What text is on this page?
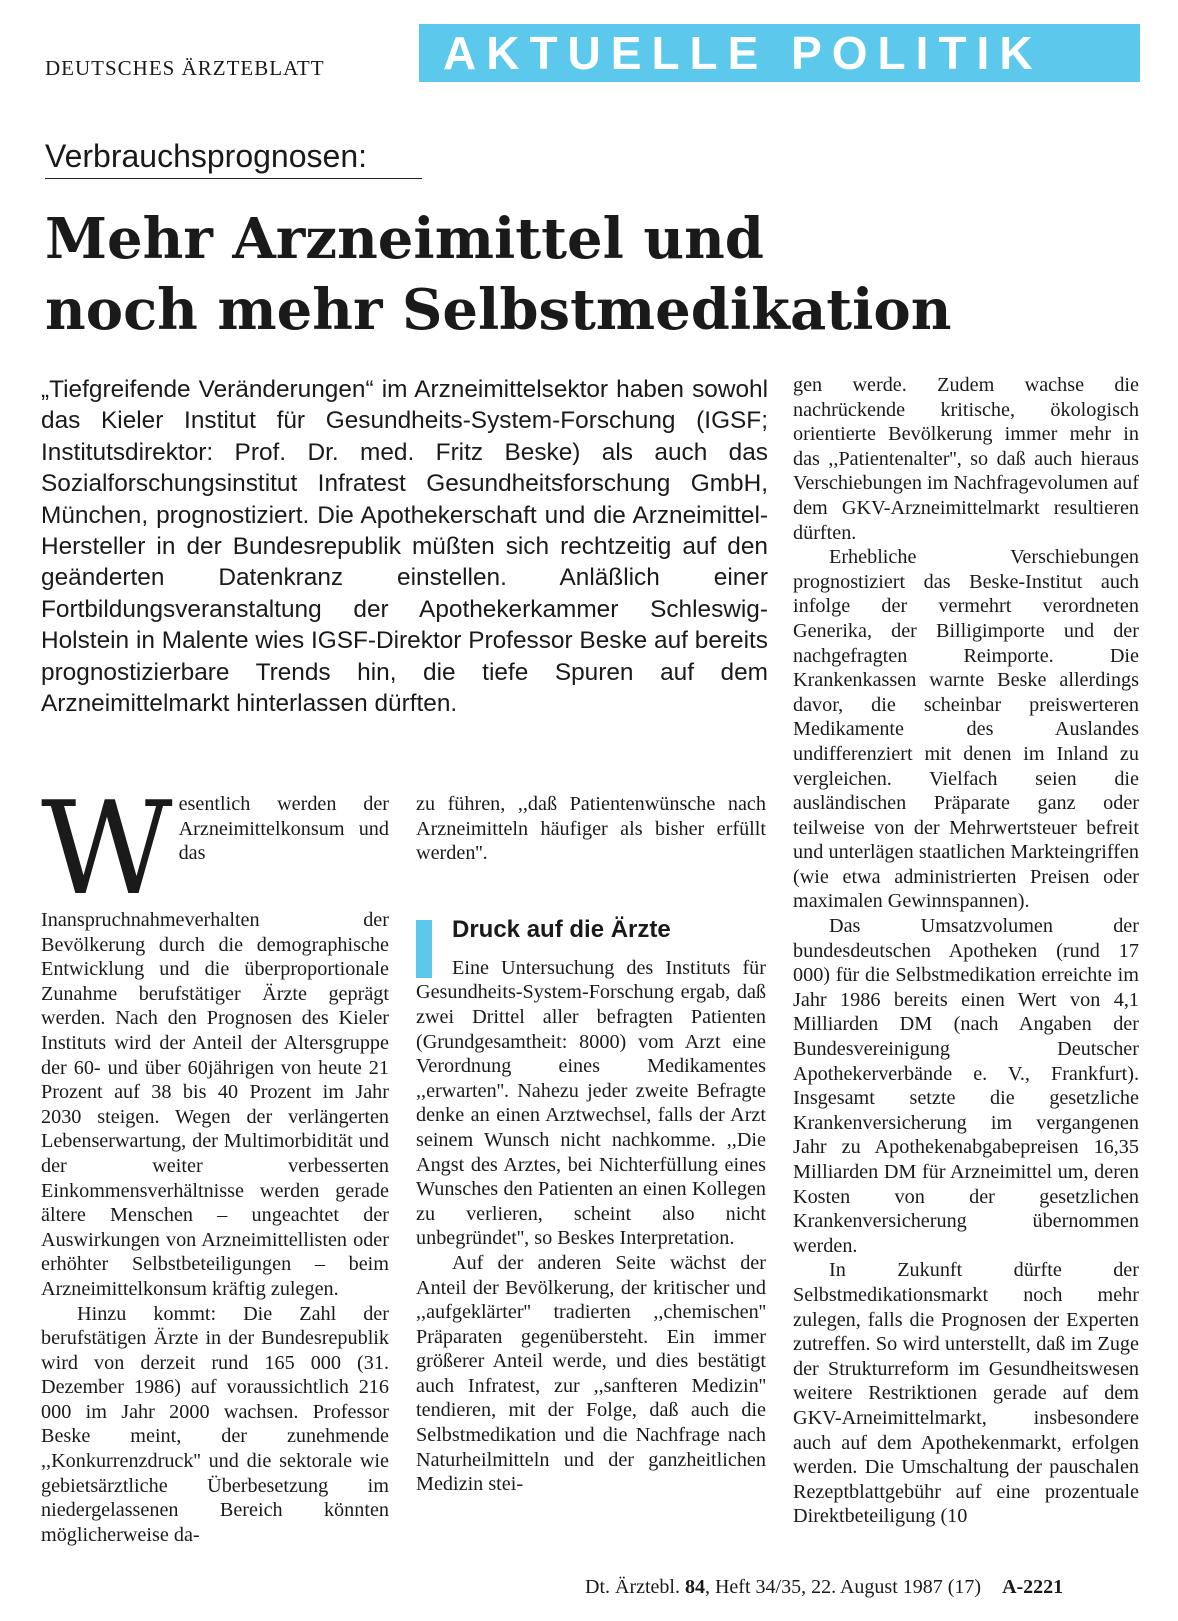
DEUTSCHES ÄRZTEBLATT	AKTUELLE POLITIK
Verbrauchsprognosen:
Mehr Arzneimittel und
noch mehr Selbstmedikation
„Tiefgreifende Veränderungen“ im Arzneimittelsektor haben sowohl das Kieler Institut für Gesundheits-System-Forschung (IGSF; Institutsdirektor: Prof. Dr. med. Fritz Beske) als auch das Sozialforschungsinstitut Infratest Gesundheitsforschung GmbH, München, prognostiziert. Die Apothekerschaft und die Arzneimittel-Hersteller in der Bundesrepublik müßten sich rechtzeitig auf den geänderten Datenkranz einstellen. Anläßlich einer Fortbildungsveranstaltung der Apothekerkammer Schleswig-Holstein in Malente wies IGSF-Direktor Professor Beske auf bereits prognostizierbare Trends hin, die tiefe Spuren auf dem Arzneimittelmarkt hinterlassen dürften.

Wesentlich werden der Arzneimittelkonsum und das Inanspruchnahmeverhalten der Bevölkerung durch die demographische Entwicklung und die überproportionale Zunahme berufstätiger Ärzte geprägt werden. Nach den Prognosen des Kieler Instituts wird der Anteil der Altersgruppe der 60- und über 60jährigen von heute 21 Prozent auf 38 bis 40 Prozent im Jahr 2030 steigen. Wegen der verlängerten Lebenserwartung, der Multimorbidität und der weiter verbesserten Einkommensverhältnisse werden gerade ältere Menschen – ungeachtet der Auswirkungen von Arzneimittellisten oder erhöhter Selbstbeteiligungen – beim Arzneimittelkonsum kräftig zulegen.

Hinzu kommt: Die Zahl der berufstätigen Ärzte in der Bundesrepublik wird von derzeit rund 165 000 (31. Dezember 1986) auf voraussichtlich 216 000 im Jahr 2000 wachsen. Professor Beske meint, der zunehmende ,,Konkurrenzdruck'' und die sektorale wie gebietsärztliche Überbesetzung im niedergelassenen Bereich könnten möglicherweise da-

zu führen, ,,daß Patientenwünsche nach Arzneimitteln häufiger als bisher erfüllt werden''.

Druck auf die Ärzte

Eine Untersuchung des Instituts für Gesundheits-System-Forschung ergab, daß zwei Drittel aller befragten Patienten (Grundgesamtheit: 8000) vom Arzt eine Verordnung eines Medikamentes ,,erwarten''. Nahezu jeder zweite Befragte denke an einen Arztwechsel, falls der Arzt seinem Wunsch nicht nachkomme. ,,Die Angst des Arztes, bei Nichterfüllung eines Wunsches den Patienten an einen Kollegen zu verlieren, scheint also nicht unbegründet'', so Beskes Interpretation.

Auf der anderen Seite wächst der Anteil der Bevölkerung, der kritischer und ,,aufgeklärter'' tradierten ,,chemischen'' Präparaten gegenübersteht. Ein immer größerer Anteil werde, und dies bestätigt auch Infratest, zur ,,sanfteren Medizin'' tendieren, mit der Folge, daß auch die Selbstmedikation und die Nachfrage nach Naturheilmitteln und der ganzheitlichen Medizin stei-

gen werde. Zudem wachse die nachrückende kritische, ökologisch orientierte Bevölkerung immer mehr in das ,,Patientenalter'', so daß auch hieraus Verschiebungen im Nachfragevolumen auf dem GKV-Arzneimittelmarkt resultieren dürften.

Erhebliche Verschiebungen prognostiziert das Beske-Institut auch infolge der vermehrt verordneten Generika, der Billigimporte und der nachgefragten Reimporte. Die Krankenkassen warnte Beske allerdings davor, die scheinbar preiswerteren Medikamente des Auslandes undifferenziert mit denen im Inland zu vergleichen. Vielfach seien die ausländischen Präparate ganz oder teilweise von der Mehrwertsteuer befreit und unterlägen staatlichen Markteingriffen (wie etwa administrierten Preisen oder maximalen Gewinnspannen).

Das Umsatzvolumen der bundesdeutschen Apotheken (rund 17 000) für die Selbstmedikation erreichte im Jahr 1986 bereits einen Wert von 4,1 Milliarden DM (nach Angaben der Bundesvereinigung Deutscher Apothekerverbände e. V., Frankfurt). Insgesamt setzte die gesetzliche Krankenversicherung im vergangenen Jahr zu Apothekenabgabepreisen 16,35 Milliarden DM für Arzneimittel um, deren Kosten von der gesetzlichen Krankenversicherung übernommen werden.

In Zukunft dürfte der Selbstmedikationsmarkt noch mehr zulegen, falls die Prognosen der Experten zutreffen. So wird unterstellt, daß im Zuge der Strukturreform im Gesundheitswesen weitere Restriktionen gerade auf dem GKV-Arneimittelmarkt, insbesondere auch auf dem Apothekenmarkt, erfolgen werden. Die Umschaltung der pauschalen Rezeptblattgebühr auf eine prozentuale Direktbeteiligung (10

Dt. Ärztebl. 84, Heft 34/35, 22. August 1987 (17) A-2221
